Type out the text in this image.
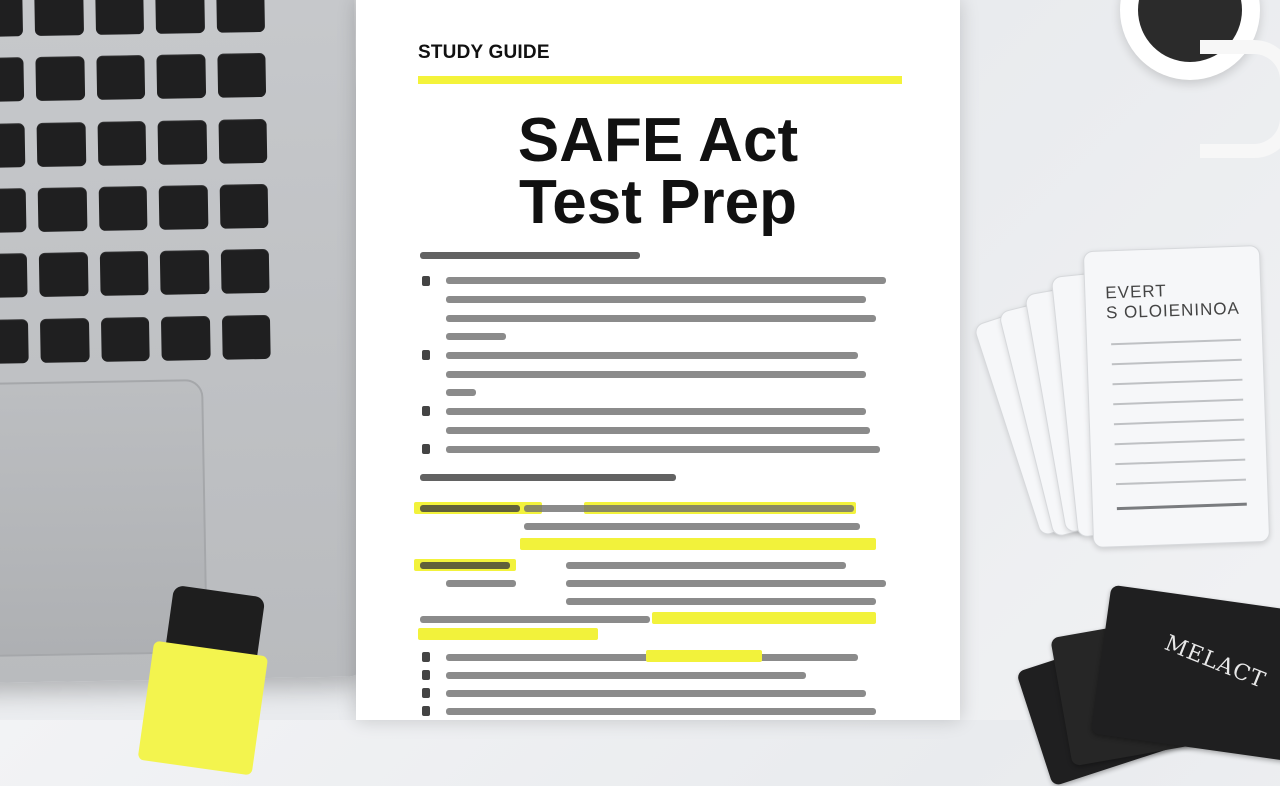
STUDY GUIDE
SAFE Act
Test Prep
EVERT
S OLOIENINOA
MELACT
